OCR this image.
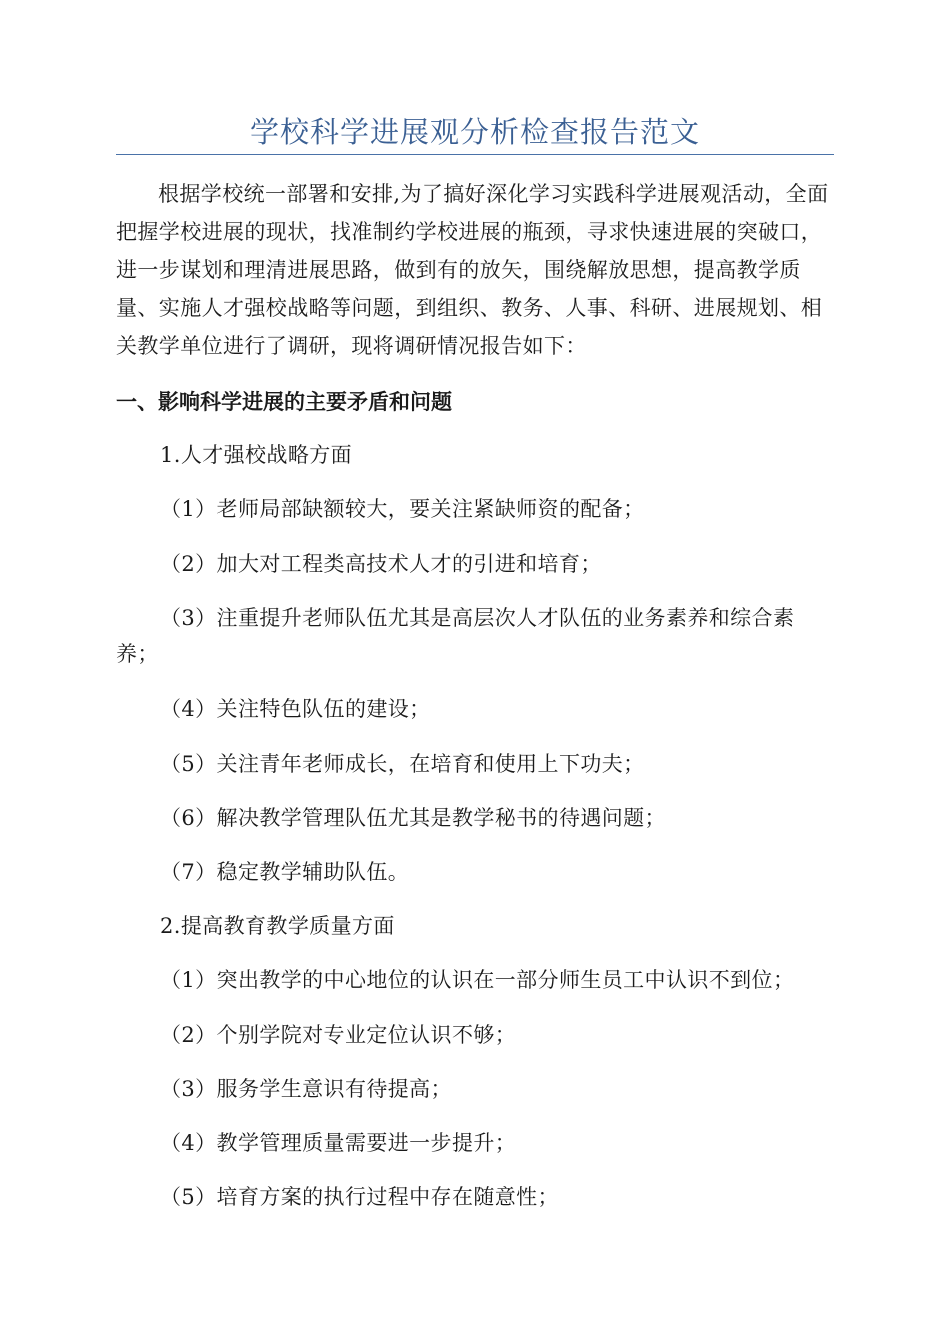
学校科学进展观分析检查报告范文

根据学校统一部署和安排,为了搞好深化学习实践科学进展观活动，全面把握学校进展的现状，找准制约学校进展的瓶颈，寻求快速进展的突破口，进一步谋划和理清进展思路，做到有的放矢，围绕解放思想，提高教学质量、实施人才强校战略等问题，到组织、教务、人事、科研、进展规划、相关教学单位进行了调研，现将调研情况报告如下：

一、影响科学进展的主要矛盾和问题

1.人才强校战略方面

（1）老师局部缺额较大，要关注紧缺师资的配备；

（2）加大对工程类高技术人才的引进和培育；

（3）注重提升老师队伍尤其是高层次人才队伍的业务素养和综合素养；

（4）关注特色队伍的建设；

（5）关注青年老师成长，在培育和使用上下功夫；

（6）解决教学管理队伍尤其是教学秘书的待遇问题；

（7）稳定教学辅助队伍。

2.提高教育教学质量方面

（1）突出教学的中心地位的认识在一部分师生员工中认识不到位；

（2）个别学院对专业定位认识不够；

（3）服务学生意识有待提高；

（4）教学管理质量需要进一步提升；

（5）培育方案的执行过程中存在随意性；
